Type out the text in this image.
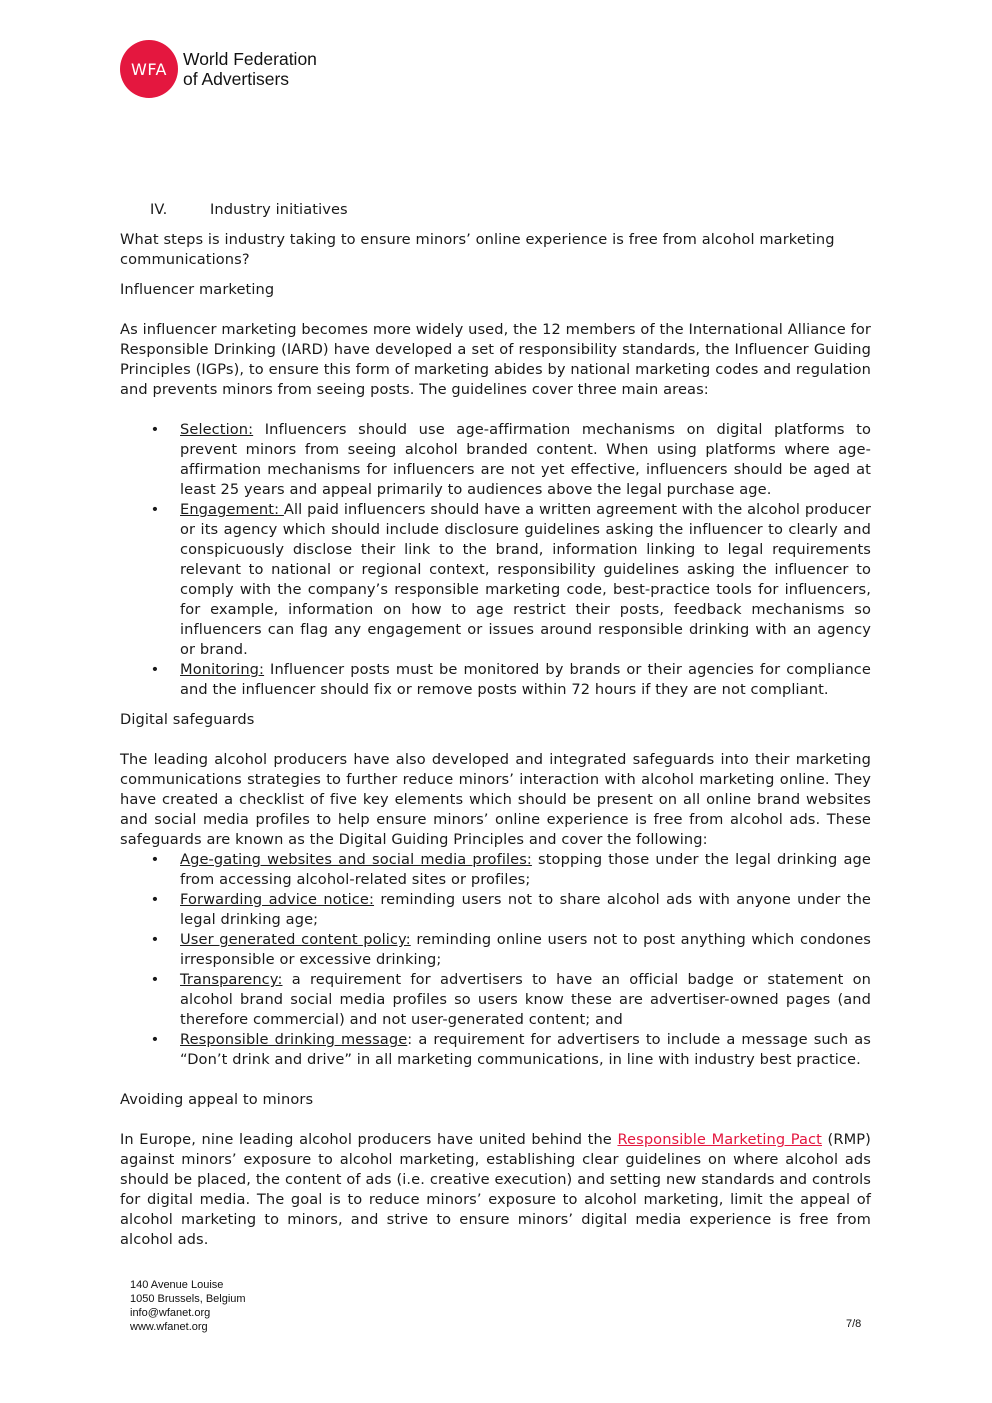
WFA World Federation
of Advertisers
IV.	Industry initiatives

What steps is industry taking to ensure minors’ online experience is free from alcohol marketing communications?

Influencer marketing

As influencer marketing becomes more widely used, the 12 members of the International Alliance for Responsible Drinking (IARD) have developed a set of responsibility standards, the Influencer Guiding Principles (IGPs), to ensure this form of marketing abides by national marketing codes and regulation and prevents minors from seeing posts. The guidelines cover three main areas:

• Selection: Influencers should use age-affirmation mechanisms on digital platforms to prevent minors from seeing alcohol branded content. When using platforms where age-affirmation mechanisms for influencers are not yet effective, influencers should be aged at least 25 years and appeal primarily to audiences above the legal purchase age.
• Engagement: All paid influencers should have a written agreement with the alcohol producer or its agency which should include disclosure guidelines asking the influencer to clearly and conspicuously disclose their link to the brand, information linking to legal requirements relevant to national or regional context, responsibility guidelines asking the influencer to comply with the company’s responsible marketing code, best-practice tools for influencers, for example, information on how to age restrict their posts, feedback mechanisms so influencers can flag any engagement or issues around responsible drinking with an agency or brand.
• Monitoring: Influencer posts must be monitored by brands or their agencies for compliance and the influencer should fix or remove posts within 72 hours if they are not compliant.

Digital safeguards

The leading alcohol producers have also developed and integrated safeguards into their marketing communications strategies to further reduce minors’ interaction with alcohol marketing online. They have created a checklist of five key elements which should be present on all online brand websites and social media profiles to help ensure minors’ online experience is free from alcohol ads. These safeguards are known as the Digital Guiding Principles and cover the following:

• Age-gating websites and social media profiles: stopping those under the legal drinking age from accessing alcohol-related sites or profiles;
• Forwarding advice notice: reminding users not to share alcohol ads with anyone under the legal drinking age;
• User generated content policy: reminding online users not to post anything which condones irresponsible or excessive drinking;
• Transparency: a requirement for advertisers to have an official badge or statement on alcohol brand social media profiles so users know these are advertiser-owned pages (and therefore commercial) and not user-generated content; and
• Responsible drinking message: a requirement for advertisers to include a message such as “Don’t drink and drive” in all marketing communications, in line with industry best practice.

Avoiding appeal to minors

In Europe, nine leading alcohol producers have united behind the Responsible Marketing Pact (RMP) against minors’ exposure to alcohol marketing, establishing clear guidelines on where alcohol ads should be placed, the content of ads (i.e. creative execution) and setting new standards and controls for digital media. The goal is to reduce minors’ exposure to alcohol marketing, limit the appeal of alcohol marketing to minors, and strive to ensure minors’ digital media experience is free from alcohol ads.

140 Avenue Louise
1050 Brussels, Belgium
info@wfanet.org
www.wfanet.org	7/8
